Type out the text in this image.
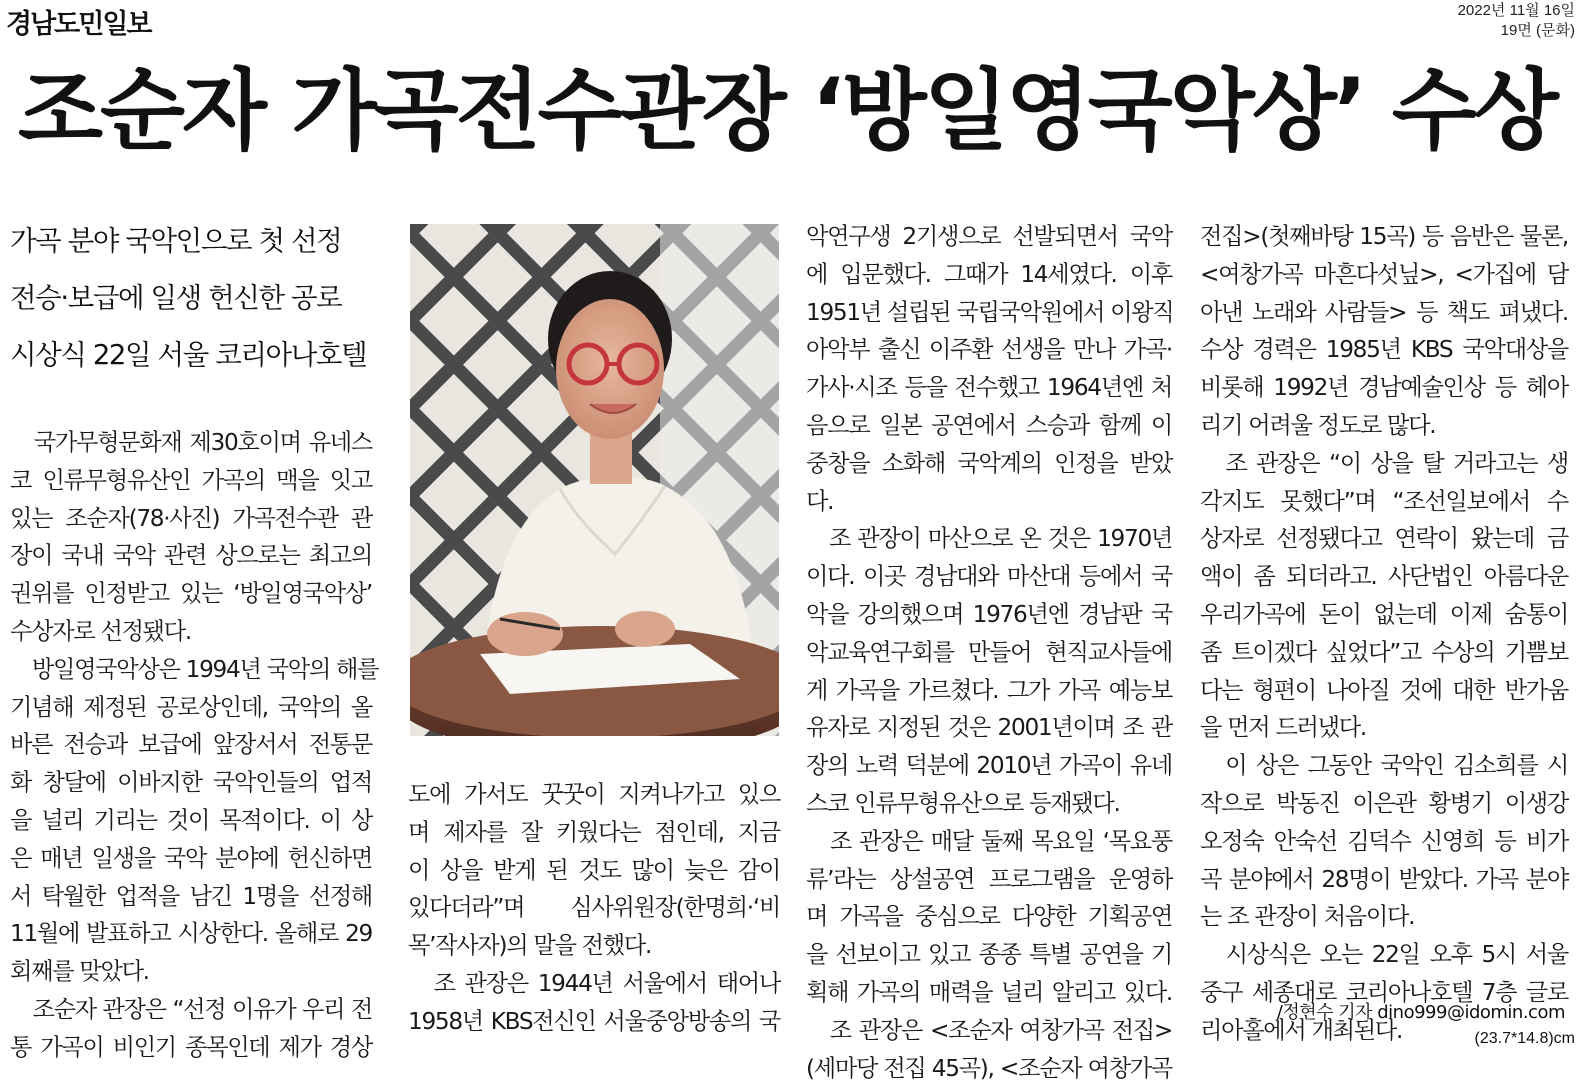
경남도민일보	2022년 11월 16일
19면 (문화)
조순자 가곡전수관장 ‘방일영국악상’ 수상
가곡 분야 국악인으로 첫 선정
전승·보급에 일생 헌신한 공로
시상식 22일 서울 코리아나호텔
　국가무형문화재 제30호이며 유네스
코 인류무형유산인 가곡의 맥을 잇고
있는 조순자(78·사진) 가곡전수관 관
장이 국내 국악 관련 상으로는 최고의
권위를 인정받고 있는 ‘방일영국악상’
수상자로 선정됐다.
　방일영국악상은 1994년 국악의 해를
기념해 제정된 공로상인데, 국악의 올
바른 전승과 보급에 앞장서서 전통문
화 창달에 이바지한 국악인들의 업적
을 널리 기리는 것이 목적이다. 이 상
은 매년 일생을 국악 분야에 헌신하면
서 탁월한 업적을 남긴 1명을 선정해
11월에 발표하고 시상한다. 올해로 29
회째를 맞았다.
　조순자 관장은 “선정 이유가 우리 전
통 가곡이 비인기 종목인데 제가 경상
도에 가서도 꿋꿋이 지켜나가고 있으
며 제자를 잘 키웠다는 점인데, 지금
이 상을 받게 된 것도 많이 늦은 감이
있다더라”며 심사위원장(한명희·‘비
목’작사자)의 말을 전했다.
　조 관장은 1944년 서울에서 태어나
1958년 KBS전신인 서울중앙방송의 국
악연구생 2기생으로 선발되면서 국악
에 입문했다. 그때가 14세였다. 이후
1951년 설립된 국립국악원에서 이왕직
아악부 출신 이주환 선생을 만나 가곡·
가사·시조 등을 전수했고 1964년엔 처
음으로 일본 공연에서 스승과 함께 이
중창을 소화해 국악계의 인정을 받았
다.
　조 관장이 마산으로 온 것은 1970년
이다. 이곳 경남대와 마산대 등에서 국
악을 강의했으며 1976년엔 경남판 국
악교육연구회를 만들어 현직교사들에
게 가곡을 가르쳤다. 그가 가곡 예능보
유자로 지정된 것은 2001년이며 조 관
장의 노력 덕분에 2010년 가곡이 유네
스코 인류무형유산으로 등재됐다.
　조 관장은 매달 둘째 목요일 ‘목요풍
류’라는 상설공연 프로그램을 운영하
며 가곡을 중심으로 다양한 기획공연
을 선보이고 있고 종종 특별 공연을 기
획해 가곡의 매력을 널리 알리고 있다.
　조 관장은 <조순자 여창가곡 전집>
(세마당 전집 45곡), <조순자 여창가곡
전집>(첫째바탕 15곡) 등 음반은 물론,
<여창가곡 마흔다섯닢>, <가집에 담
아낸 노래와 사람들> 등 책도 펴냈다.
수상 경력은 1985년 KBS 국악대상을
비롯해 1992년 경남예술인상 등 헤아
리기 어려울 정도로 많다.
　조 관장은 “이 상을 탈 거라고는 생
각지도 못했다”며 “조선일보에서 수
상자로 선정됐다고 연락이 왔는데 금
액이 좀 되더라고. 사단법인 아름다운
우리가곡에 돈이 없는데 이제 숨통이
좀 트이겠다 싶었다”고 수상의 기쁨보
다는 형편이 나아질 것에 대한 반가움
을 먼저 드러냈다.
　이 상은 그동안 국악인 김소희를 시
작으로 박동진 이은관 황병기 이생강
오정숙 안숙선 김덕수 신영희 등 비가
곡 분야에서 28명이 받았다. 가곡 분야
는 조 관장이 처음이다.
　시상식은 오는 22일 오후 5시 서울
중구 세종대로 코리아나호텔 7층 글로
리아홀에서 개최된다.
/정현수 기자 dino999@idomin.com
(23.7*14.8)cm
